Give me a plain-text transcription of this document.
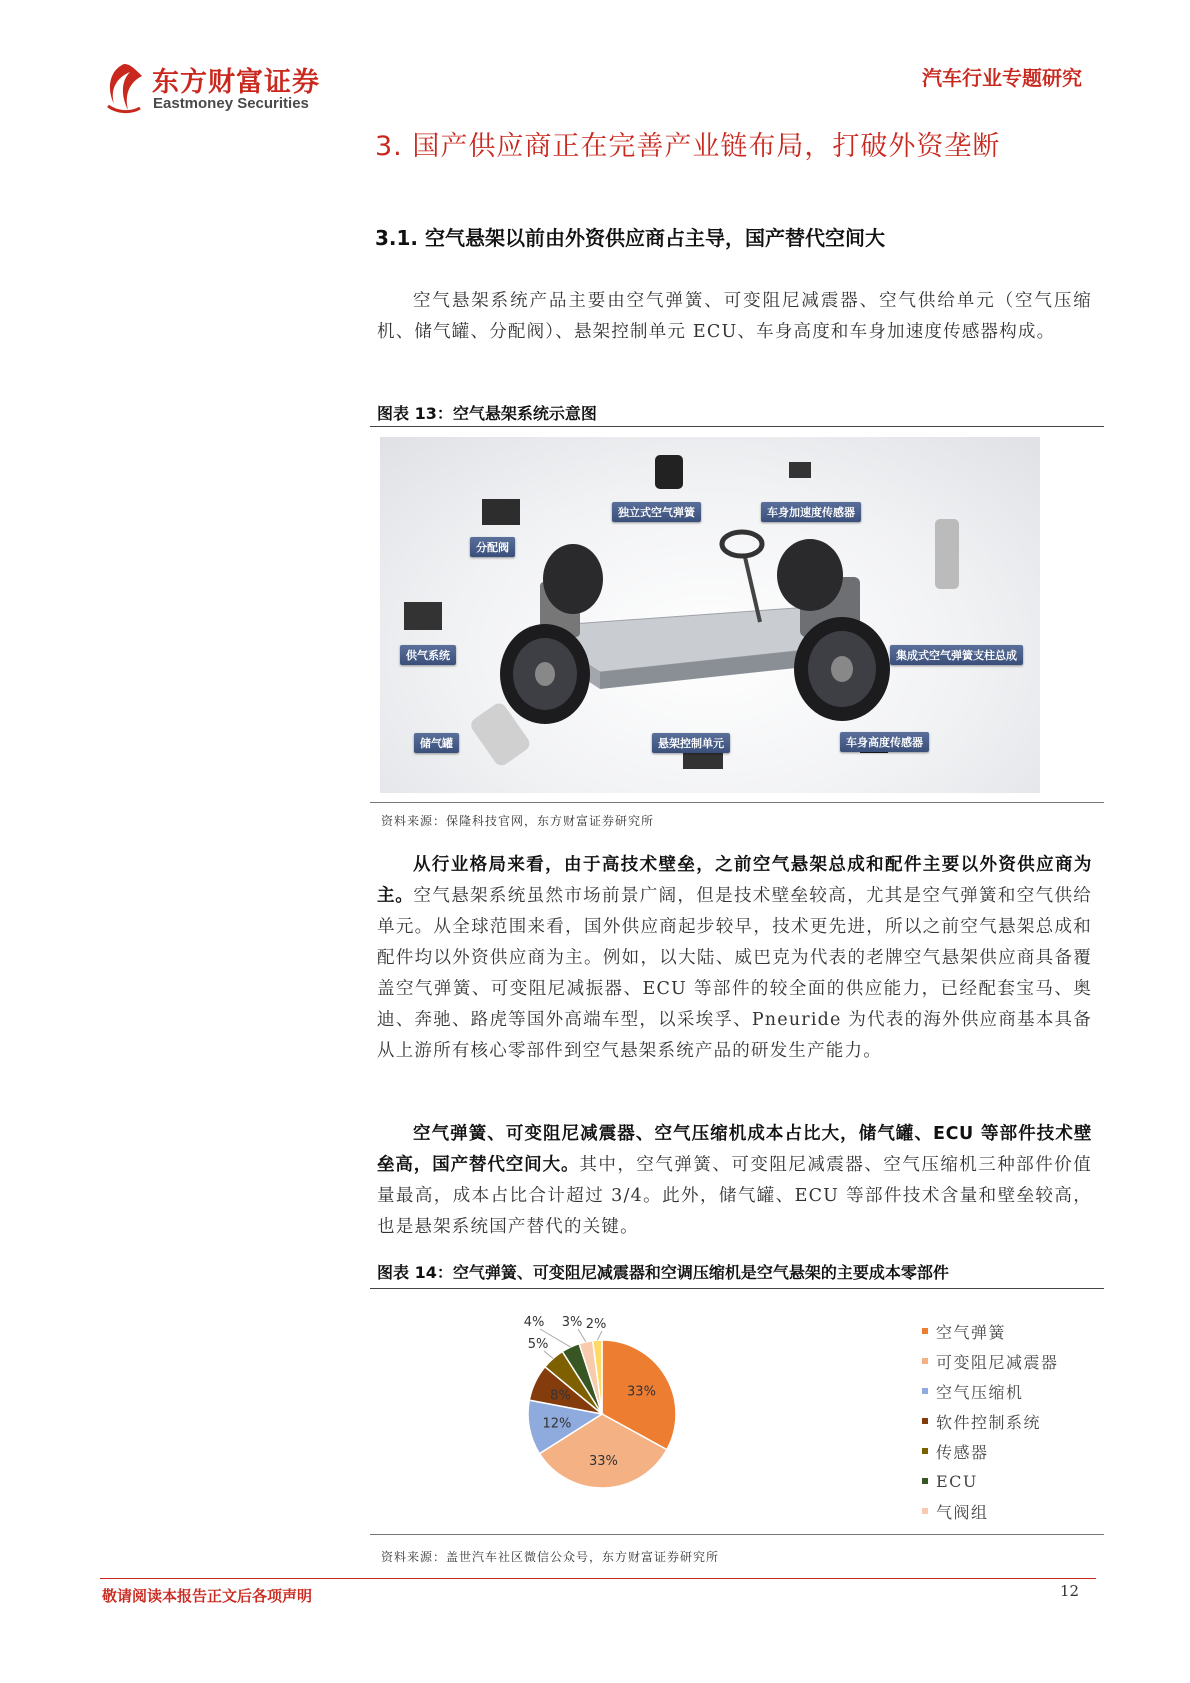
东方财富证券
Eastmoney Securities
汽车行业专题研究
3. 国产供应商正在完善产业链布局，打破外资垄断
3.1. 空气悬架以前由外资供应商占主导，国产替代空间大
空气悬架系统产品主要由空气弹簧、可变阻尼减震器、空气供给单元（空气压缩机、储气罐、分配阀）、悬架控制单元 ECU、车身高度和车身加速度传感器构成。
图表 13：空气悬架系统示意图
独立式空气弹簧	车身加速度传感器
分配阀
集成式空气弹簧支柱总成
供气系统
储气罐	悬架控制单元	车身高度传感器
资料来源：保隆科技官网，东方财富证券研究所
从行业格局来看，由于高技术壁垒，之前空气悬架总成和配件主要以外资供应商为主。空气悬架系统虽然市场前景广阔，但是技术壁垒较高，尤其是空气弹簧和空气供给单元。从全球范围来看，国外供应商起步较早，技术更先进，所以之前空气悬架总成和配件均以外资供应商为主。例如，以大陆、威巴克为代表的老牌空气悬架供应商具备覆盖空气弹簧、可变阻尼减振器、ECU 等部件的较全面的供应能力，已经配套宝马、奥迪、奔驰、路虎等国外高端车型，以采埃孚、Pneuride 为代表的海外供应商基本具备从上游所有核心零部件到空气悬架系统产品的研发生产能力。
空气弹簧、可变阻尼减震器、空气压缩机成本占比大，储气罐、ECU 等部件技术壁垒高，国产替代空间大。其中，空气弹簧、可变阻尼减震器、空气压缩机三种部件价值量最高，成本占比合计超过 3/4。此外，储气罐、ECU 等部件技术含量和壁垒较高，也是悬架系统国产替代的关键。
图表 14：空气弹簧、可变阻尼减震器和空调压缩机是空气悬架的主要成本零部件
33%
33%
12%
8%
5%
4% 3% 2%	空气弹簧
可变阻尼减震器
空气压缩机
软件控制系统
传感器
ECU
气阀组
资料来源：盖世汽车社区微信公众号，东方财富证券研究所
敬请阅读本报告正文后各项声明	12
